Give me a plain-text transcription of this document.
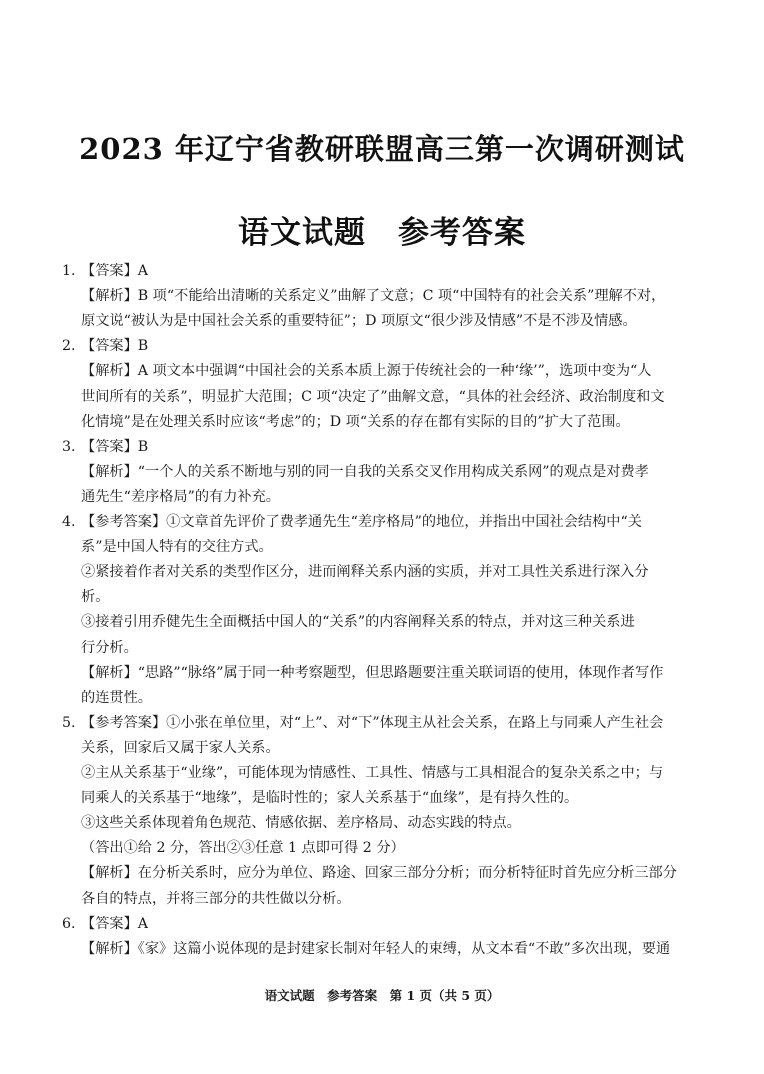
2023 年辽宁省教研联盟高三第一次调研测试
语文试题　参考答案
1. 【答案】A
【解析】B 项“不能给出清晰的关系定义”曲解了文意；C 项“中国特有的社会关系”理解不对，
原文说“被认为是中国社会关系的重要特征”；D 项原文“很少涉及情感”不是不涉及情感。
2. 【答案】B
【解析】A 项文本中强调“中国社会的关系本质上源于传统社会的一种‘缘’”，选项中变为“人
世间所有的关系”，明显扩大范围；C 项“决定了”曲解文意，“具体的社会经济、政治制度和文
化情境”是在处理关系时应该“考虑”的；D 项“关系的存在都有实际的目的”扩大了范围。
3. 【答案】B
【解析】“一个人的关系不断地与别的同一自我的关系交叉作用构成关系网”的观点是对费孝
通先生“差序格局”的有力补充。
4. 【参考答案】①文章首先评价了费孝通先生“差序格局”的地位，并指出中国社会结构中“关
系”是中国人特有的交往方式。
②紧接着作者对关系的类型作区分，进而阐释关系内涵的实质，并对工具性关系进行深入分
析。
③接着引用乔健先生全面概括中国人的“关系”的内容阐释关系的特点，并对这三种关系进
行分析。
【解析】“思路”“脉络”属于同一种考察题型，但思路题要注重关联词语的使用，体现作者写作
的连贯性。
5. 【参考答案】①小张在单位里，对“上”、对“下”体现主从社会关系，在路上与同乘人产生社会
关系，回家后又属于家人关系。
②主从关系基于“业缘”，可能体现为情感性、工具性、情感与工具相混合的复杂关系之中；与
同乘人的关系基于“地缘”，是临时性的；家人关系基于“血缘”，是有持久性的。
③这些关系体现着角色规范、情感依据、差序格局、动态实践的特点。
（答出①给 2 分，答出②③任意 1 点即可得 2 分）
【解析】在分析关系时，应分为单位、路途、回家三部分分析；而分析特征时首先应分析三部分
各自的特点，并将三部分的共性做以分析。
6. 【答案】A
【解析】《家》这篇小说体现的是封建家长制对年轻人的束缚，从文本看“不敢”多次出现，要通
语文试题　参考答案　第 1 页（共 5 页）
